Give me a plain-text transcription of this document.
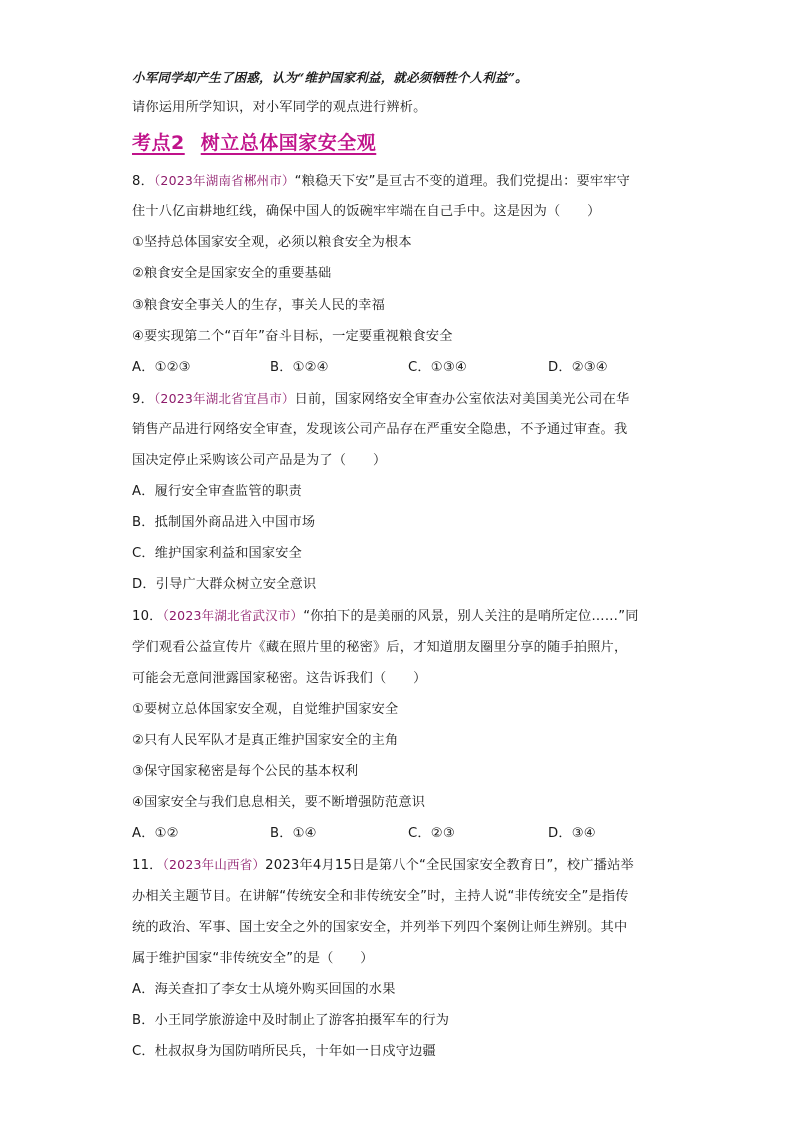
小军同学却产生了困惑，认为“维护国家利益，就必须牺牲个人利益”。
请你运用所学知识，对小军同学的观点进行辨析。
考点2 树立总体国家安全观
8．（2023年湖南省郴州市）“粮稳天下安”是亘古不变的道理。我们党提出：要牢牢守
住十八亿亩耕地红线，确保中国人的饭碗牢牢端在自己手中。这是因为（　　）
①坚持总体国家安全观，必须以粮食安全为根本
②粮食安全是国家安全的重要基础
③粮食安全事关人的生存，事关人民的幸福
④要实现第二个“百年”奋斗目标，一定要重视粮食安全
A．①②③	B．①②④	C．①③④	D．②③④
9．（2023年湖北省宜昌市）日前，国家网络安全审查办公室依法对美国美光公司在华
销售产品进行网络安全审查，发现该公司产品存在严重安全隐患，不予通过审查。我
国决定停止采购该公司产品是为了（　　）
A．履行安全审查监管的职责
B．抵制国外商品进入中国市场
C．维护国家利益和国家安全
D．引导广大群众树立安全意识
10．（2023年湖北省武汉市）“你拍下的是美丽的风景，别人关注的是哨所定位……”同
学们观看公益宣传片《藏在照片里的秘密》后，才知道朋友圈里分享的随手拍照片，
可能会无意间泄露国家秘密。这告诉我们（　　）
①要树立总体国家安全观，自觉维护国家安全
②只有人民军队才是真正维护国家安全的主角
③保守国家秘密是每个公民的基本权利
④国家安全与我们息息相关，要不断增强防范意识
A．①②	B．①④	C．②③	D．③④
11．（2023年山西省）2023年4月15日是第八个“全民国家安全教育日”，校广播站举
办相关主题节目。在讲解“传统安全和非传统安全”时，主持人说“非传统安全”是指传
统的政治、军事、国土安全之外的国家安全，并列举下列四个案例让师生辨别。其中
属于维护国家“非传统安全”的是（　　）
A．海关查扣了李女士从境外购买回国的水果
B．小王同学旅游途中及时制止了游客拍摄军车的行为
C．杜叔叔身为国防哨所民兵，十年如一日戍守边疆
